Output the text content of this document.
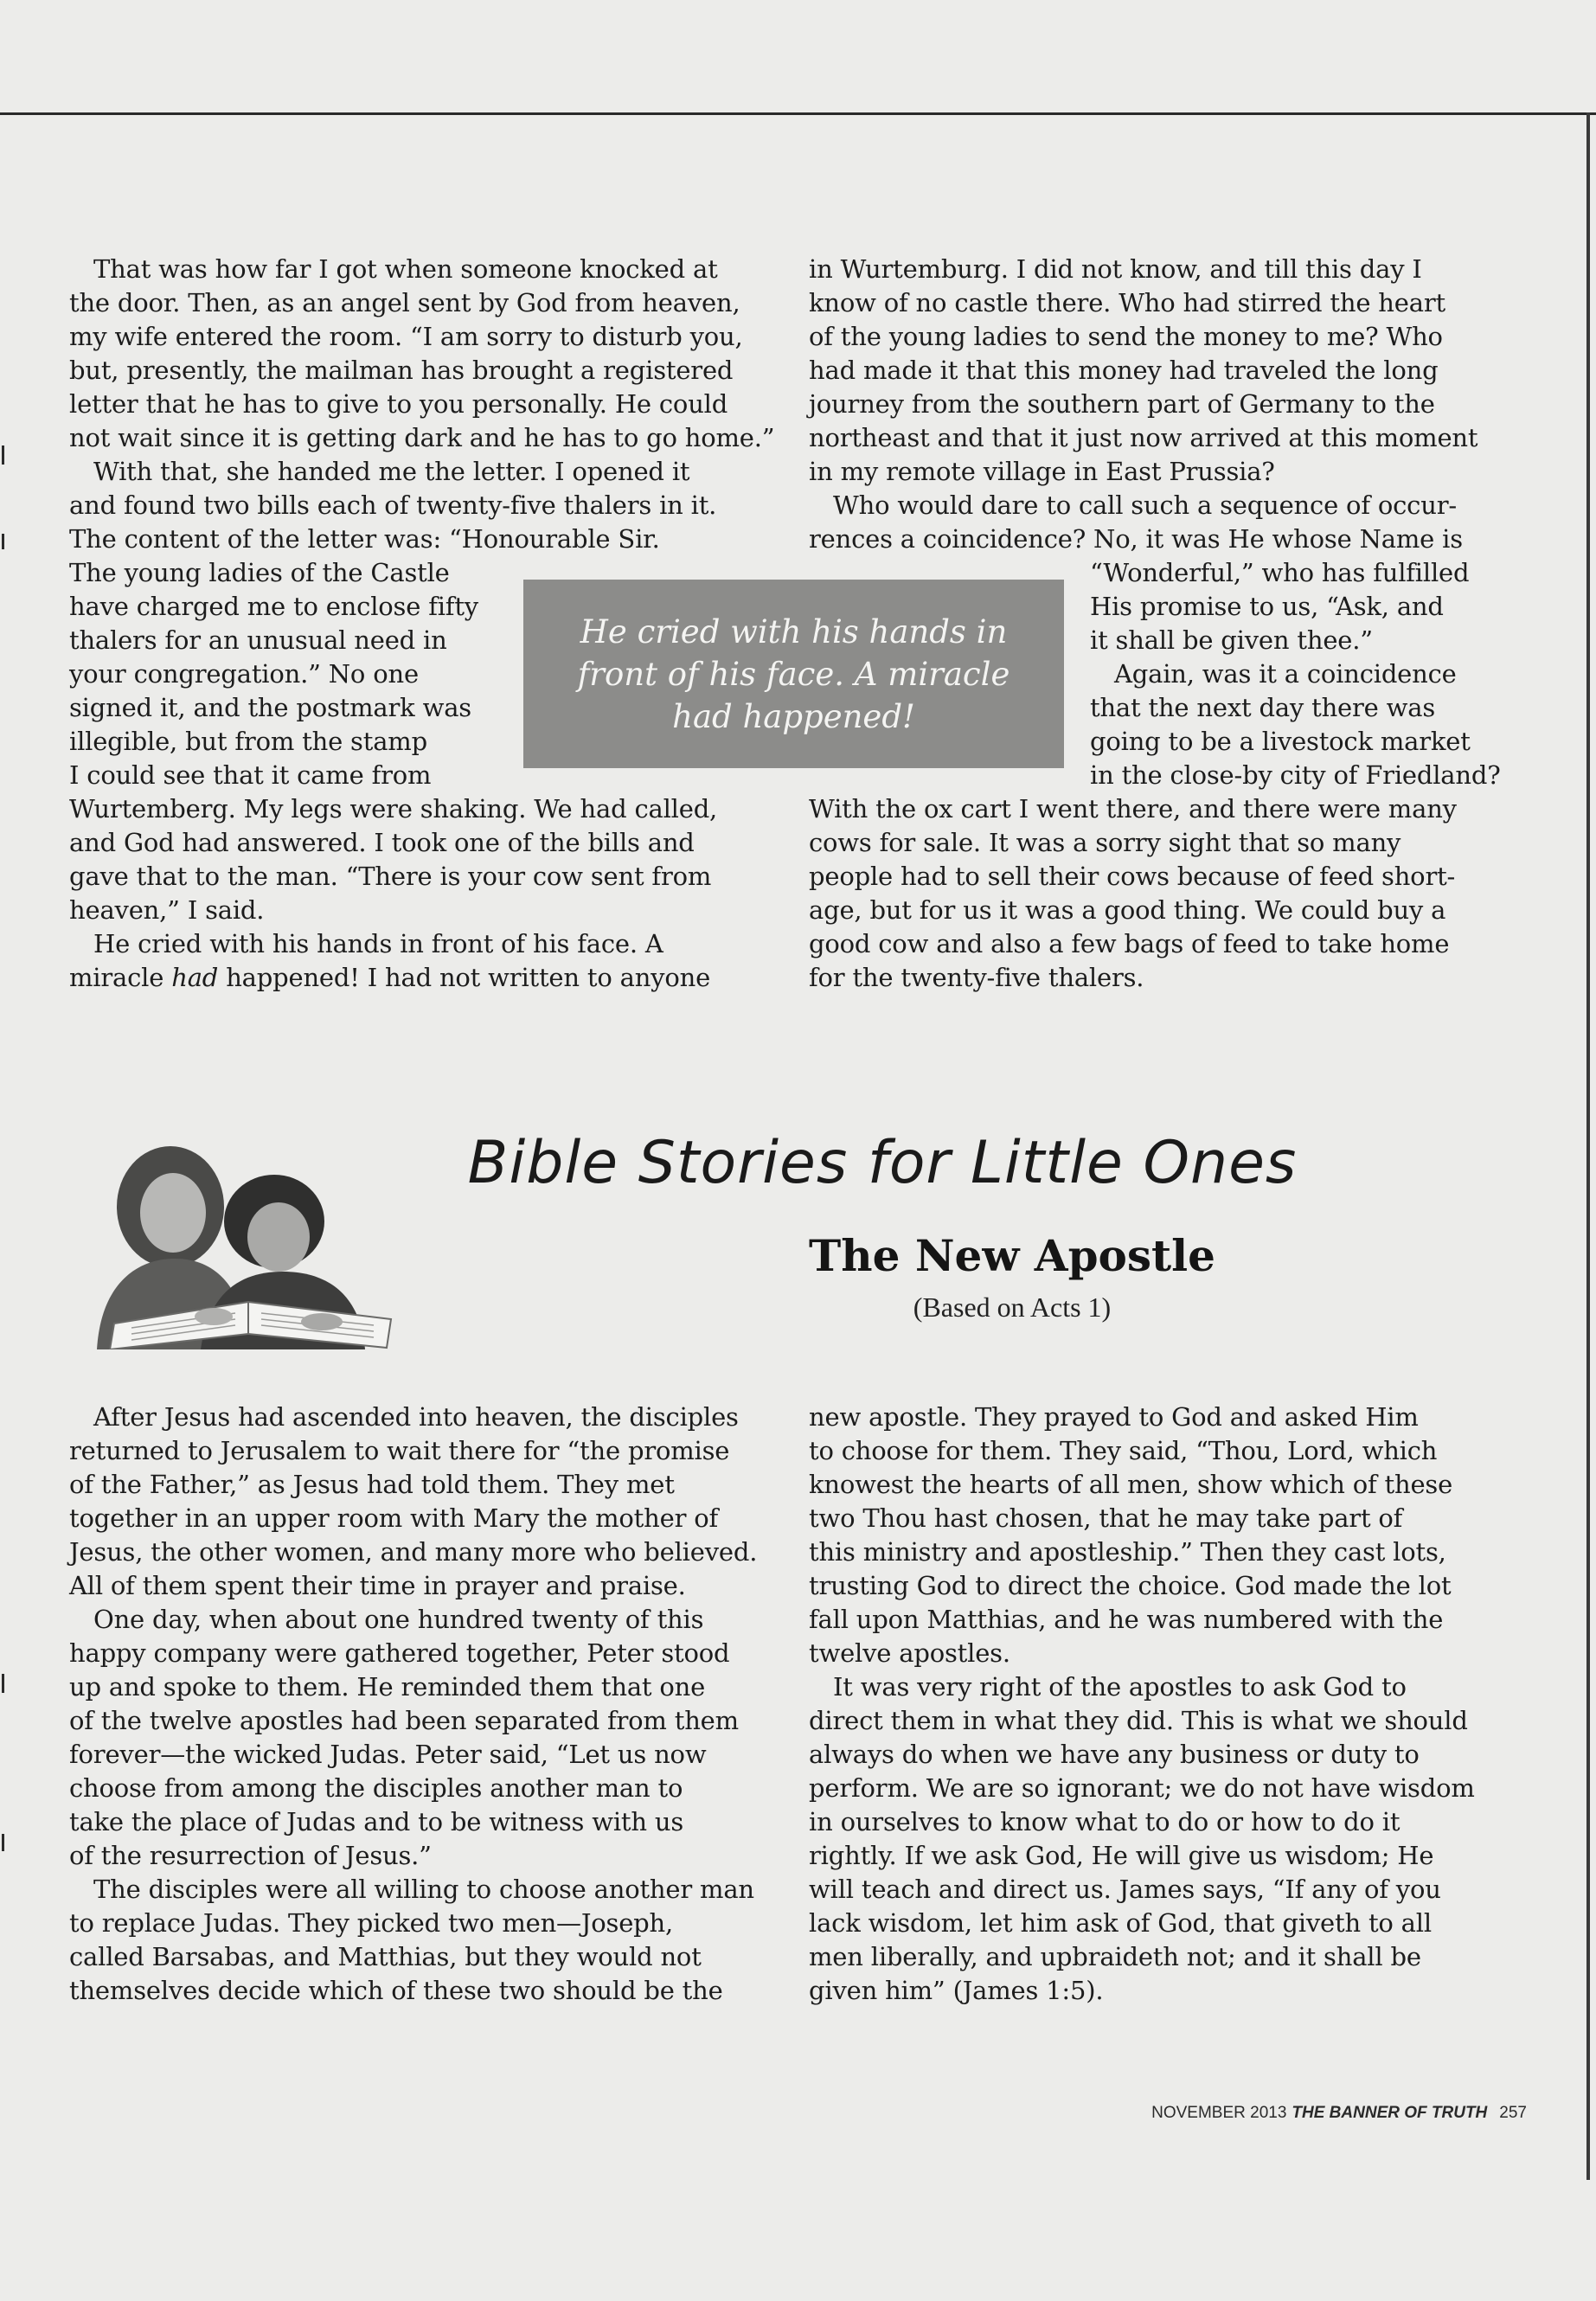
That was how far I got when someone knocked at

the door. Then, as an angel sent by God from heaven,

my wife entered the room. “I am sorry to disturb you,

but, presently, the mailman has brought a registered

letter that he has to give to you personally. He could

not wait since it is getting dark and he has to go home.”

With that, she handed me the letter. I opened it

and found two bills each of twenty-five thalers in it.

The content of the letter was: “Honourable Sir.

The young ladies of the Castle

have charged me to enclose fifty

thalers for an unusual need in

your congregation.” No one

signed it, and the postmark was

illegible, but from the stamp

I could see that it came from

Wurtemberg. My legs were shaking. We had called,

and God had answered. I took one of the bills and

gave that to the man. “There is your cow sent from

heaven,” I said.

He cried with his hands in front of his face. A

miracle had happened! I had not written to anyone

in Wurtemburg. I did not know, and till this day I

know of no castle there. Who had stirred the heart

of the young ladies to send the money to me? Who

had made it that this money had traveled the long

journey from the southern part of Germany to the

northeast and that it just now arrived at this moment

in my remote village in East Prussia?

Who would dare to call such a sequence of occur-

rences a coincidence? No, it was He whose Name is

“Wonderful,” who has fulfilled

His promise to us, “Ask, and

it shall be given thee.”

Again, was it a coincidence

that the next day there was

going to be a livestock market

in the close-by city of Friedland?

With the ox cart I went there, and there were many

cows for sale. It was a sorry sight that so many

people had to sell their cows because of feed short-

age, but for us it was a good thing. We could buy a

good cow and also a few bags of feed to take home

for the twenty-five thalers.

He cried with his hands in
front of his face. A miracle
had happened!
Bible Stories for Little Ones
The New Apostle
(Based on Acts 1)

After Jesus had ascended into heaven, the disciples

returned to Jerusalem to wait there for “the promise

of the Father,” as Jesus had told them. They met

together in an upper room with Mary the mother of

Jesus, the other women, and many more who believed.

All of them spent their time in prayer and praise.

One day, when about one hundred twenty of this

happy company were gathered together, Peter stood

up and spoke to them. He reminded them that one

of the twelve apostles had been separated from them

forever—the wicked Judas. Peter said, “Let us now

choose from among the disciples another man to

take the place of Judas and to be witness with us

of the resurrection of Jesus.”

The disciples were all willing to choose another man

to replace Judas. They picked two men—Joseph,

called Barsabas, and Matthias, but they would not

themselves decide which of these two should be the

new apostle. They prayed to God and asked Him

to choose for them. They said, “Thou, Lord, which

knowest the hearts of all men, show which of these

two Thou hast chosen, that he may take part of

this ministry and apostleship.” Then they cast lots,

trusting God to direct the choice. God made the lot

fall upon Matthias, and he was numbered with the

twelve apostles.

It was very right of the apostles to ask God to

direct them in what they did. This is what we should

always do when we have any business or duty to

perform. We are so ignorant; we do not have wisdom

in ourselves to know what to do or how to do it

rightly. If we ask God, He will give us wisdom; He

will teach and direct us. James says, “If any of you

lack wisdom, let him ask of God, that giveth to all

men liberally, and upbraideth not; and it shall be

given him” (James 1:5).

NOVEMBER 2013 THE BANNER OF TRUTH 257
